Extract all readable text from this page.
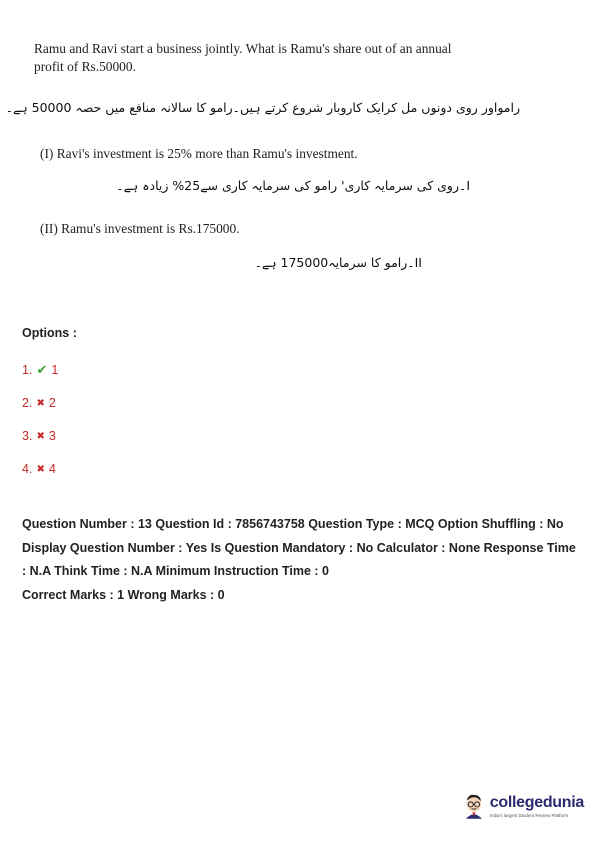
Ramu and Ravi start a business jointly. What is Ramu's share out of an annual profit of Rs.50000.
رامواور روی دونوں مل کرایک کاروبار شروع کرتے ہیں۔رامو کا سالانہ منافع میں حصہ 50000 ہے۔
(I) Ravi's investment is 25% more than Ramu's investment.
I۔روی کی سرمایہ کاری' رامو کی سرمایہ کاری سے25% زیادہ ہے۔
(II) Ramu's investment is Rs.175000.
II۔رامو کا سرمایہ175000 ہے۔
Options :
1. ✔ 1
2. ✖ 2
3. ✖ 3
4. ✖ 4
Question Number : 13 Question Id : 7856743758 Question Type : MCQ Option Shuffling : No Display Question Number : Yes Is Question Mandatory : No Calculator : None Response Time : N.A Think Time : N.A Minimum Instruction Time : 0
Correct Marks : 1 Wrong Marks : 0
collegedunia
India's largest Student Review Platform
